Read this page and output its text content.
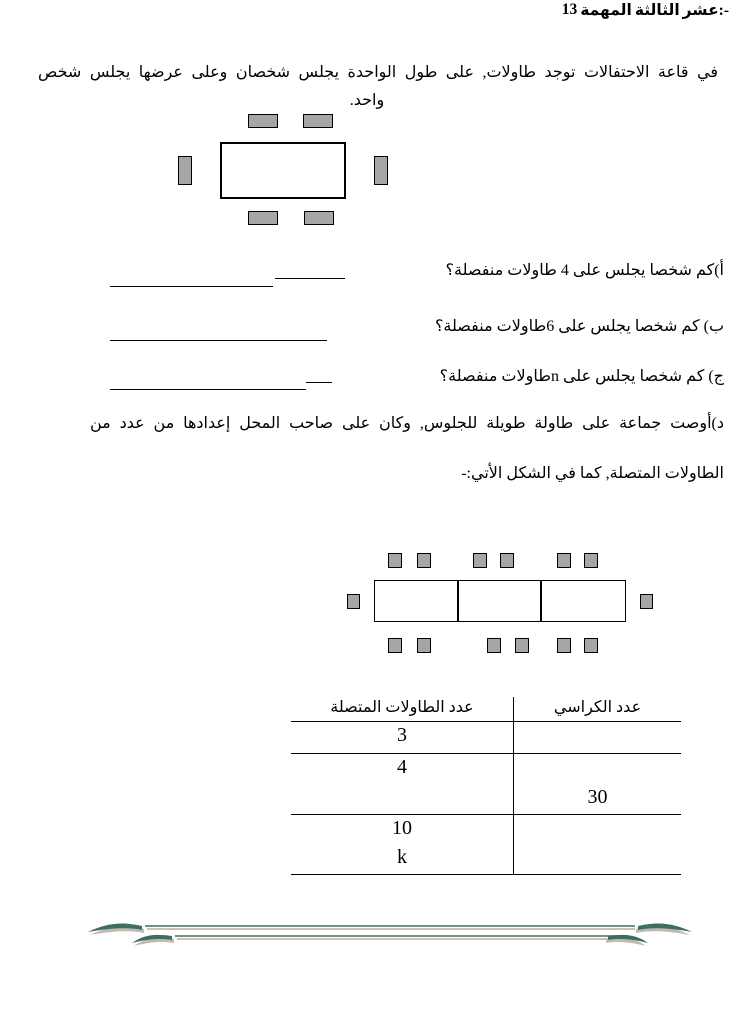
13 المهمة الثالثة عشر:-
في قاعة الاحتفالات توجد طاولات, على طول الواحدة يجلس شخصان وعلى عرضها يجلس شخص
واحد.
أ)كم شخصا يجلس على 4 طاولات منفصلة؟
ب) كم شخصا يجلس على 6طاولات منفصلة؟
ج) كم شخصا يجلس على nطاولات منفصلة؟
د)أوصت جماعة على طاولة طويلة للجلوس, وكان على صاحب المحل إعدادها من عدد من
الطاولات المتصلة, كما في الشكل الأتي:-
عدد الكراسي
عدد الطاولات المتصلة
3
4
30
10
k
